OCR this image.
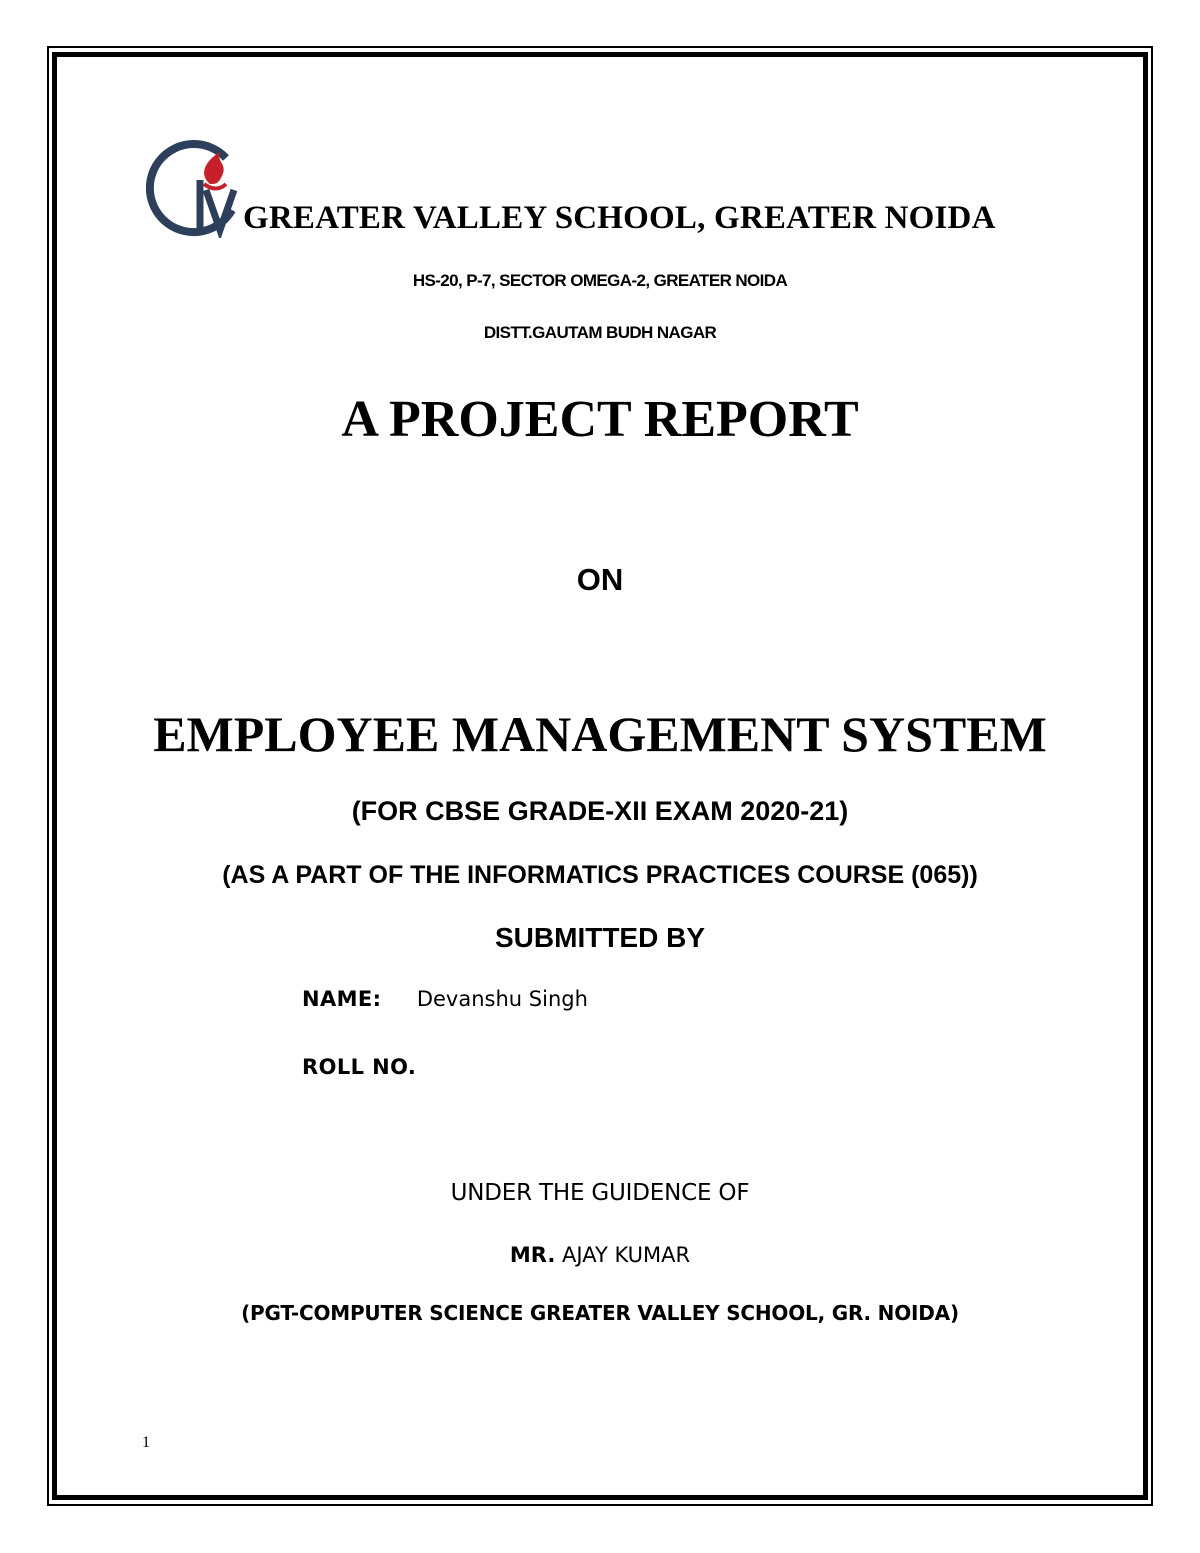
GREATER VALLEY SCHOOL, GREATER NOIDA
HS-20, P-7, SECTOR OMEGA-2, GREATER NOIDA
DISTT.GAUTAM BUDH NAGAR
A PROJECT REPORT
ON
EMPLOYEE MANAGEMENT SYSTEM
(FOR CBSE GRADE-XII EXAM 2020-21)
(AS A PART OF THE INFORMATICS PRACTICES COURSE (065))
SUBMITTED BY
NAME: Devanshu Singh
ROLL NO.
UNDER THE GUIDENCE OF
MR. AJAY KUMAR
(PGT-COMPUTER SCIENCE GREATER VALLEY SCHOOL, GR. NOIDA)
1
